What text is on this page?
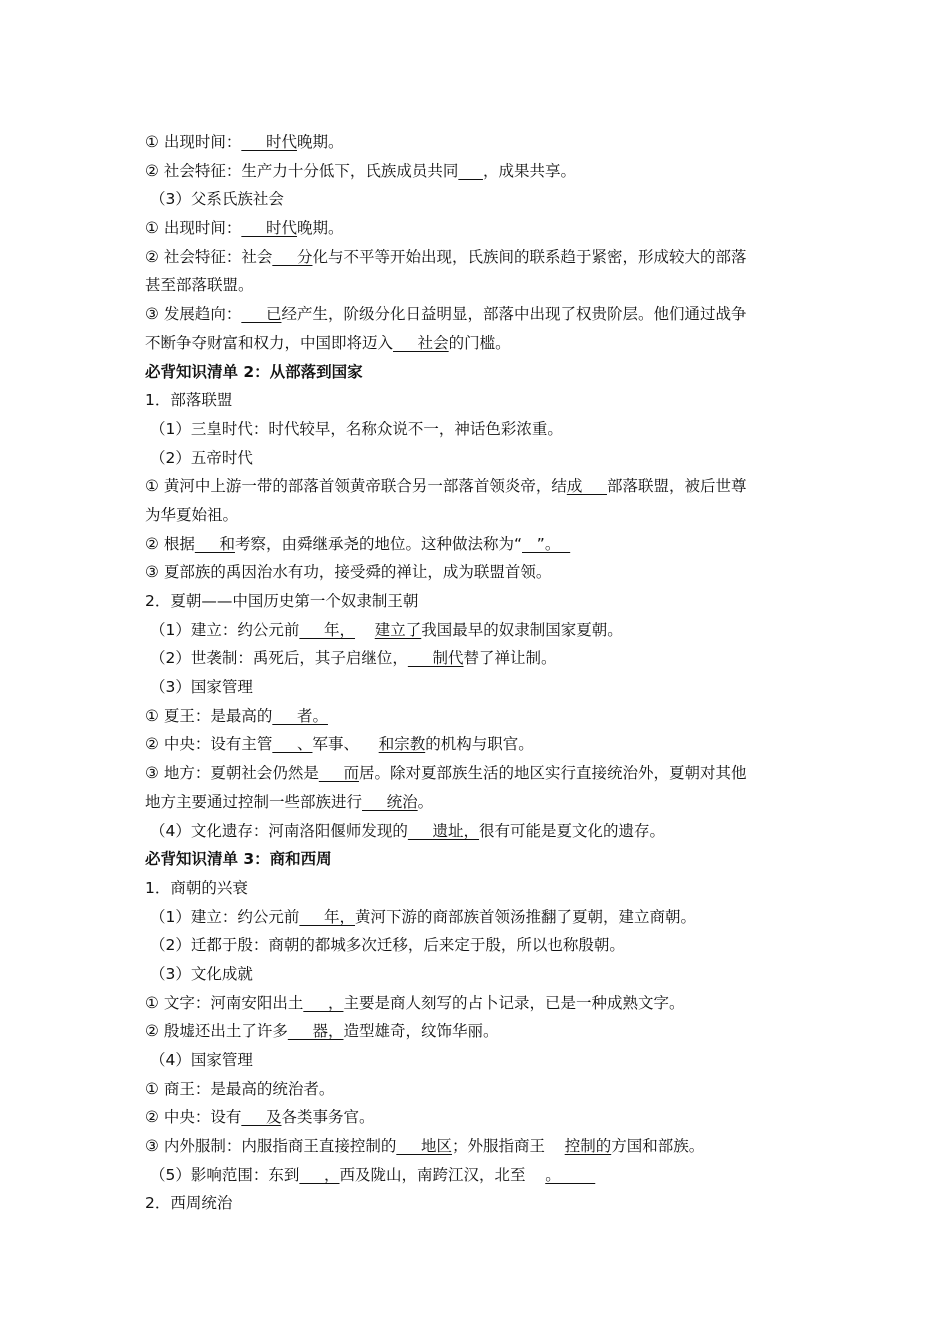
① 出现时间：     时代晚期。
② 社会特征：生产力十分低下，氏族成员共同 ，成果共享。
（3）父系氏族社会
① 出现时间：     时代晚期。
② 社会特征：社会     分化与不平等开始出现，氏族间的联系趋于紧密，形成较大的部落
甚至部落联盟。
③ 发展趋向：     已经产生，阶级分化日益明显，部落中出现了权贵阶层。他们通过战争
不断争夺财富和权力，中国即将迈入     社会的门槛。
必背知识清单 2：从部落到国家
1．部落联盟
（1）三皇时代：时代较早，名称众说不一，神话色彩浓重。
（2）五帝时代
① 黄河中上游一带的部落首领黄帝联合另一部落首领炎帝，结成     部落联盟，被后世尊
为华夏始祖。
② 根据     和考察，由舜继承尧的地位。这种做法称为“   ”。
③ 夏部族的禹因治水有功，接受舜的禅让，成为联盟首领。
2．夏朝——中国历史第一个奴隶制王朝
（1）建立：约公元前     年， 建立了我国最早的奴隶制国家夏朝。
（2）世袭制：禹死后，其子启继位，     制代替了禅让制。
（3）国家管理
① 夏王：是最高的     者。
② 中央：设有主管     、军事、    和宗教的机构与职官。
③ 地方：夏朝社会仍然是     而居。除对夏部族生活的地区实行直接统治外，夏朝对其他
地方主要通过控制一些部族进行     统治。
（4）文化遗存：河南洛阳偃师发现的     遗址，很有可能是夏文化的遗存。
必背知识清单 3：商和西周
1．商朝的兴衰
（1）建立：约公元前     年，黄河下游的商部族首领汤推翻了夏朝，建立商朝。
（2）迁都于殷：商朝的都城多次迁移，后来定于殷，所以也称殷朝。
（3）文化成就
① 文字：河南安阳出土     ，主要是商人刻写的占卜记录，已是一种成熟文字。
② 殷墟还出土了许多     器，造型雄奇，纹饰华丽。
（4）国家管理
① 商王：是最高的统治者。
② 中央：设有     及各类事务官。
③ 内外服制：内服指商王直接控制的     地区；外服指商王    控制的方国和部族。
（5）影响范围：东到     ，西及陇山，南跨江汉，北至    。
2．西周统治
